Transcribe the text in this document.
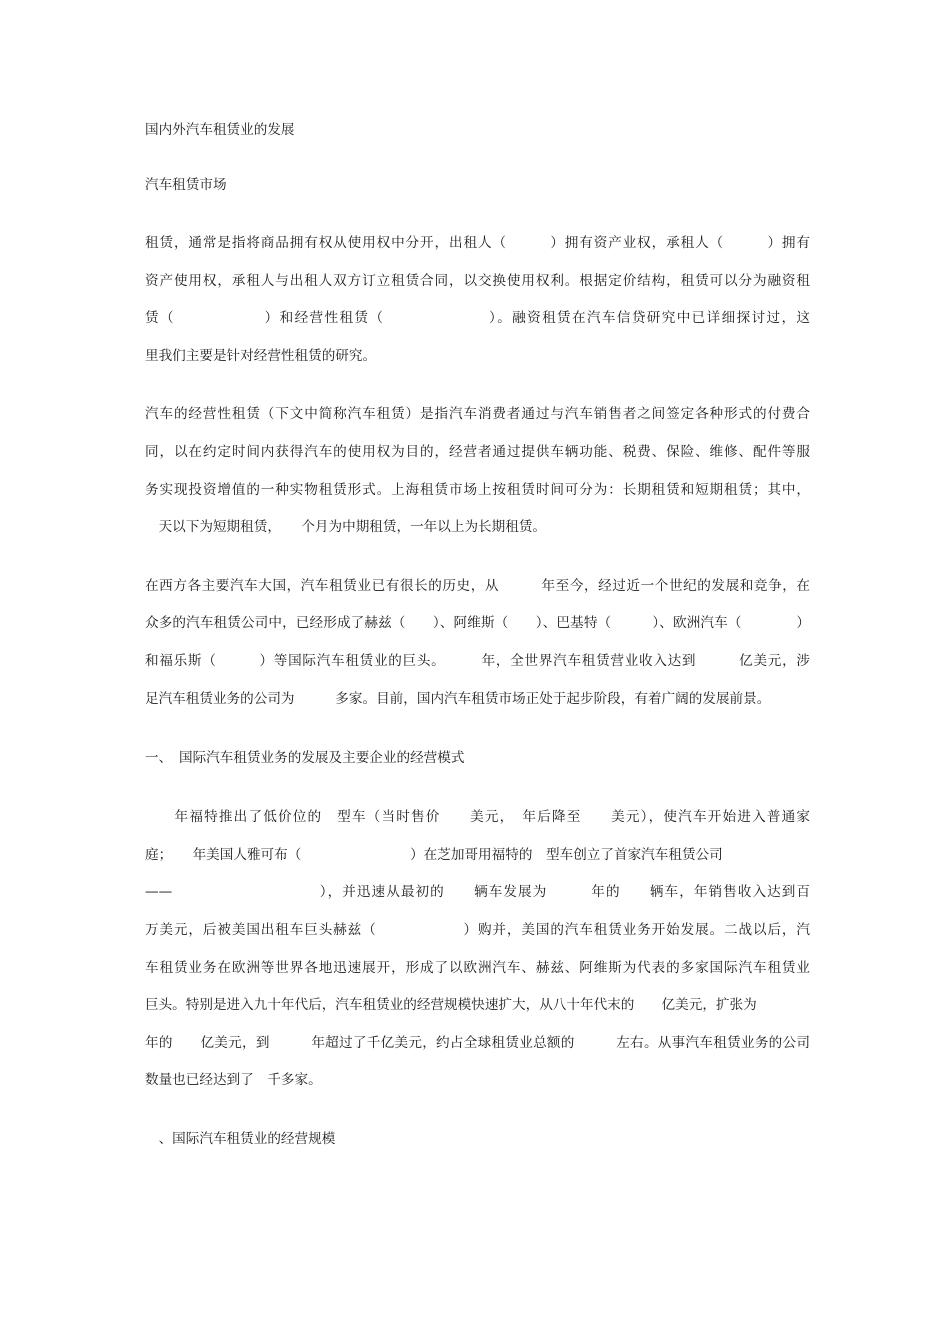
国内外汽车租赁业的发展
汽车租赁市场
租赁，通常是指将商品拥有权从使用权中分开，出租人（　　　）拥有资产业权，承租人（　　　）拥有
资产使用权，承租人与出租人双方订立租赁合同，以交换使用权利。根据定价结构，租赁可以分为融资租
赁（　　　　　　）和经营性租赁（　　　　　　　）。融资租赁在汽车信贷研究中已详细探讨过，这
里我们主要是针对经营性租赁的研究。
汽车的经营性租赁（下文中简称汽车租赁）是指汽车消费者通过与汽车销售者之间签定各种形式的付费合
同，以在约定时间内获得汽车的使用权为目的，经营者通过提供车辆功能、税费、保险、维修、配件等服
务实现投资增值的一种实物租赁形式。上海租赁市场上按租赁时间可分为：长期租赁和短期租赁；其中，
　天以下为短期租赁，　　个月为中期租赁，一年以上为长期租赁。
在西方各主要汽车大国，汽车租赁业已有很长的历史，从　　　年至今，经过近一个世纪的发展和竞争，在
众多的汽车租赁公司中，已经形成了赫兹（　　）、阿维斯（　　）、巴基特（　　　）、欧洲汽车（　　　　）
和福乐斯（　　　）等国际汽车租赁业的巨头。　　　年，全世界汽车租赁营业收入达到　　　亿美元，涉
足汽车租赁业务的公司为　　　多家。目前，国内汽车租赁市场正处于起步阶段，有着广阔的发展前景。
一、　国际汽车租赁业务的发展及主要企业的经营模式
　　年福特推出了低价位的　型车（当时售价　　美元，　年后降至　　美元），使汽车开始进入普通家
庭；　　年美国人雅可布（　　　　　　　　）在芝加哥用福特的　型车创立了首家汽车租赁公司
——　　　　　　　　　　），并迅速从最初的　　辆车发展为　　　年的　　辆车，年销售收入达到百
万美元，后被美国出租车巨头赫兹（　　　　　　）购并，美国的汽车租赁业务开始发展。二战以后，汽
车租赁业务在欧洲等世界各地迅速展开，形成了以欧洲汽车、赫兹、阿维斯为代表的多家国际汽车租赁业
巨头。特别是进入九十年代后，汽车租赁业的经营规模快速扩大，从八十年代末的　　亿美元，扩张为
年的　　亿美元，到　　　年超过了千亿美元，约占全球租赁业总额的　　　左右。从事汽车租赁业务的公司
数量也已经达到了　千多家。
　、国际汽车租赁业的经营规模
